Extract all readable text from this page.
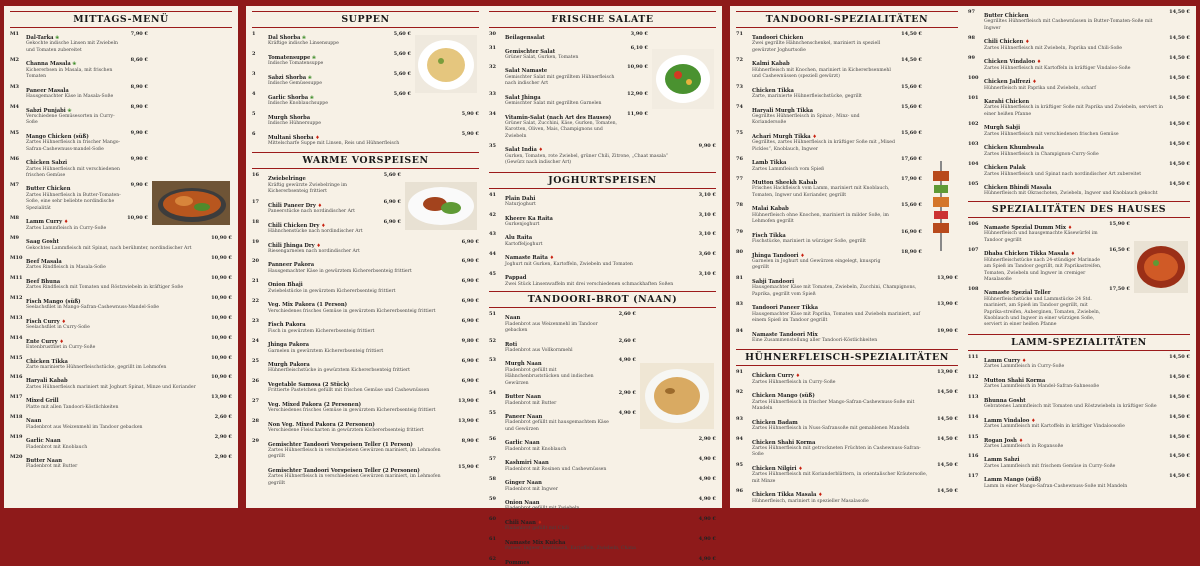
MITTAGS-MENÜ
M1
Dal-Tarka ❀
Gekochte indische Linsen mit Zwiebeln und Tomaten zubereitet
7,90 €
M2
Channa Masala ❀
Kichererbsen in Masala, mit frischen Tomaten
8,60 €
M3
Paneer Masala
Hausgemachter Käse in Masala-Soße
8,90 €
M4
Sabzi Punjabi ❀
Verschiedene Gemüsesorten in Curry-Soße
8,90 €
M5
Mango Chicken (süß)
Zartes Hühnerfleisch in frischer Mango-Safran-Cashewnuss-mandel-Soße
9,90 €
M6
Chicken Sabzi
Zartes Hühnerfleisch mit verschiedenen frischen Gemüse
9,90 €
M7
Butter Chicken
Zartes Hühnerfleisch in Butter-Tomaten-Soße, eine sehr beliebte nordindische Spezialität
9,90 €
M8
Lamm Curry ♦
Zartes Lammfleisch in Curry-Soße
10,90 €
M9
Saag Gosht
Gekochtes Lammfleisch mit Spinat, nach berühmter, nordindischer Art
10,90 €
M10
Beef Masala
Zartes Rindfleisch in Masala-Soße
10,90 €
M11
Beef Bhuna
Zartes Rindfleisch mit Tomaten und Röstzwiebeln in kräftiger Soße
10,90 €
M12
Fisch Mango (süß)
Seelachsfilet in Mango-Safran-Cashewnuss-Mandel-Soße
10,90 €
M13
Fisch Curry ♦
Seelachsfilet in Curry-Soße
10,90 €
M14
Ente Curry ♦
Entenbrustfilet in Curry-Soße
10,90 €
M15
Chicken Tikka
Zarte marinierte Hühnerfleischstücke, gegrillt im Lehmofen
10,90 €
M16
Haryali Kabab
Zartes Hühnerfleisch mariniert mit Joghurt Spinat, Minze und Koriander
10,90 €
M17
Mixed Grill
Platte mit allen Tandoori-Köstlichkeiten
13,90 €
M18
Naan
Fladenbrot aus Weizenmehl im Tandoor gebacken
2,60 €
M19
Garlic Naan
Fladenbrot mit Knoblauch
2,90 €
M20
Butter Naan
Fladenbrot mit Butter
2,90 €
SUPPEN
1
Dal Shorba ❀
Kräftige indische Linsensuppe
5,60 €
2
Tomatensuppe ❀
Indische Tomatensuppe
5,60 €
3
Sabzi Shorba ❀
Indische Gemüsesuppe
5,60 €
4
Garlic Shorba ❀
Indische Knoblauchsuppe
5,60 €
5
Murgh Shorba
Indische Hühnersuppe
5,90 €
6
Multani Shorba ♦
Mittelscharfe Suppe mit Linsen, Reis und Hühnerfleisch
5,90 €
WARME VORSPEISEN
16
Zwiebelringe
Kräftig gewürzte Zwiebelringe im Kichererbsenteig frittiert
5,60 €
17
Chili Paneer Dry ♦
Paneerstücke nach nordindischer Art
6,90 €
18
Chili Chicken Dry ♦
Hähnchenstücke nach nordindischer Art
6,90 €
19
Chili Jhinga Dry ♦
Riesengarnelen nach nordindischer Art
6,90 €
20
Panneer Pakora
Hausgemachter Käse in gewürztem Kichererbsenteig frittiert
6,90 €
21
Onion Bhaji
Zwiebelstücke in gewürztem Kichererbsenteig frittiert
6,90 €
22
Veg. Mix Pakora (1 Person)
Verschiedenes frisches Gemüse in gewürztem Kichererbsenteig frittiert
6,90 €
23
Fisch Pakora
Fisch in gewürztem Kichererbsenteig frittiert
6,90 €
24
Jhinga Pakora
Garnelen in gewürztem Kichererbsenteig frittiert
9,80 €
25
Murgh Pakora
Hühnerfleischstücke in gewürztem Kichererbsenteig frittiert
6,90 €
26
Vegetable Samosa (2 Stück)
Frittierte Pastetchen gefüllt mit frischen Gemüse und Cashewnüssen
6,90 €
27
Veg. Mixed Pakora (2 Personen)
Verschiedenes frisches Gemüse in gewürztem Kichererbsenteig frittiert
13,90 €
28
Non Veg. Mixed Pakora (2 Personen)
Verschiedene Fleischarten in gewürztem Kichererbsenteig frittiert
13,90 €
29
Gemischter Tandoori Vorspeisen Teller (1 Person)
Zartes Hühnerfleisch in verschiedenen Gewürzen mariniert, im Lehmofen gegrillt
8,90 €
Gemischter Tandoori Vorspeisen Teller (2 Personen)
Zartes Hühnerfleisch in verschiedenen Gewürzen mariniert, im Lehmofen gegrillt
15,90 €
FRISCHE SALATE
30
Beilagensalat
3,90 €
31
Gemischter Salat
Grüner Salat, Gurken, Tomaten
6,10 €
32
Salat Namaste
Gemischter Salat mit gegrilltem Hühnerfleisch nach indischer Art
10,90 €
33
Salat Jhinga
Gemischter Salat mit gegrillten Garnelen
12,90 €
34
Vitamin-Salat (nach Art des Hauses)
Grüner Salat, Zucchini, Käse, Gurken, Tomaten, Karotten, Oliven, Mais, Champignons und Zwiebeln
11,90 €
35
Salat India ♦
Gurken, Tomaten, rote Zwiebel, grüner Chili, Zitrone, „Chaat masala“ (Gewürz nach indischer Art)
9,90 €
JOGHURTSPEISEN
41
Plain Dahi
Naturjoghurt
3,10 €
42
Kheere Ka Raita
Gurkenjoghurt
3,10 €
43
Alu Raita
Kartoffeljoghurt
3,10 €
44
Namaste Raita ♦
Joghurt mit Gurken, Kartoffeln, Zwiebeln und Tomaten
3,60 €
45
Pappad
Zwei Stück Linsenwaffeln mit drei verschiedenen schmackhaften Soßen
3,10 €
TANDOORI-BROT (NAAN)
51
Naan
Fladenbrot aus Weizenmehl im Tandoor gebacken
2,60 €
52
Roti
Fladenbrot aus Vollkornmehl
2,60 €
53
Murgh Naan
Fladenbrot gefüllt mit Hähnchenbruststücken und indischen Gewürzen
4,90 €
54
Butter Naan
Fladenbrot mit Butter
2,90 €
55
Paneer Naan
Fladenbrot gefüllt mit hausgemachtem Käse und Gewürzen
4,90 €
56
Garlic Naan
Fladenbrot mit Knoblauch
2,90 €
57
Kashmiri Naan
Fladenbrot mit Rosinen und Cashewnüssen
4,90 €
58
Ginger Naan
Fladenbrot mit Ingwer
4,90 €
59
Onion Naan
Fladenbrot gefüllt mit Zwiebeln
4,90 €
60
Chili Naan ♦
Fladenbrot gefüllt mit Chili
4,90 €
61
Namaste Mix Kulcha
Paneer, Ingwer, Knoblauch, Kartoffeln, Zwiebeln, Chana
4,90 €
62
Pommes
4,90 €
TANDOORI-SPEZIALITÄTEN
71
Tandoori Chicken
Zwei gegrillte Hähnchenschenkel, mariniert in speziell gewürzter Joghurtsoße
14,50 €
72
Kalmi Kabab
Hühnerfleisch mit Knochen, mariniert in Kichererbsenmehl und Cashewnüssen (speziell gewürzt)
14,50 €
73
Chicken Tikka
Zarte, marinierte Hühnerfleischstücke, gegrillt
15,60 €
74
Haryali Murgh Tikka
Gegrilltes Hühnerfleisch in Spinat-, Minz- und Koriandersoße
15,60 €
75
Achari Murgh Tikka ♦
Gegrilltes, zartes Hühnerfleisch in kräftiger Soße mit „Mixed Pickles“, Knoblauch, Ingwer
15,60 €
76
Lamb Tikka
Zartes Lammfleisch vom Spieß
17,60 €
77
Mutton Sheekh Kabab
Frisches Hackfleisch vom Lamm, mariniert mit Knoblauch, Tomaten, Ingwer und Koriander, gegrillt
17,90 €
78
Malai Kabab
Hühnerfleisch ohne Knochen, mariniert in milder Soße, im Lehmofen gegrillt
15,60 €
79
Fisch Tikka
Fischstücke, mariniert in würziger Soße, gegrillt
16,90 €
80
Jhinga Tandoori ♦
Garnelen in Joghurt und Gewürzen eingelegt, knusprig gegrillt
18,90 €
81
Sabji Tandoori
Hausgemachter Käse mit Tomaten, Zwiebeln, Zucchini, Champignons, Paprika, gegrillt vom Spieß
13,90 €
83
Tandoori Paneer Tikka
Hausgemachter Käse mit Paprika, Tomaten und Zwiebeln mariniert, auf einem Spieß im Tandoor gegrillt
13,90 €
84
Namaste Tandoori Mix
Eine Zusammenstellung aller Tandoori-Köstlichkeiten
19,90 €
HÜHNERFLEISCH-SPEZIALITÄTEN
91
Chicken Curry ♦
Zartes Hühnerfleisch in Curry-Soße
13,90 €
92
Chicken Mango (süß)
Zartes Hühnerfleisch in frischer Mango-Safran-Cashewnuss-Soße mit Mandeln
14,50 €
93
Chicken Badam
Zartes Hühnerfleisch in Nuss-Safransoße mit gemahlenen Mandeln
14,50 €
94
Chicken Shahi Korma
Zartes Hühnerfleisch mit getrockneten Früchten in Cashewnuss-Safran-Soße
14,50 €
95
Chicken Nilgiri ♦
Zartes Hühnerfleisch mit Korianderblättern, in orientalischer Kräutersoße, mit Minze
14,50 €
96
Chicken Tikka Masala ♦
Hühnerfleisch, mariniert in spezieller Masalasoße
14,50 €
97
Butter Chicken
Gegrilltes Hühnerfleisch mit Cashewnüssen in Butter-Tomaten-Soße mit Ingwer
14,50 €
98
Chili Chicken ♦
Zartes Hühnerfleisch mit Zwiebeln, Paprika und Chili-Soße
14,50 €
99
Chicken Vindaloo ♦
Zartes Hühnerfleisch mit Kartoffeln in kräftiger Vindaloo-Soße
14,50 €
100
Chicken Jalfrezi ♦
Hühnerfleisch mit Paprika und Zwiebeln, scharf
14,50 €
101
Karahi Chicken
Zartes Hühnerfleisch in kräftiger Soße mit Paprika und Zwiebeln, serviert in einer heißen Pfanne
14,50 €
102
Murgh Sabji
Zartes Hühnerfleisch mit verschiedenen frischen Gemüse
14,50 €
103
Chicken Khumbwala
Zartes Hühnerfleisch in Champignon-Curry-Soße
14,50 €
104
Chicken Palak
Zartes Hühnerfleisch und Spinat nach nordindischer Art zubereitet
14,50 €
105
Chicken Bhindi Masala
Hühnerfleisch mit Okraschoten, Zwiebeln, Ingwer und Knoblauch gekocht
14,50 €
SPEZIALITÄTEN DES HAUSES
106
Namaste Spezial Dumm Mix ♦
Hühnerfleisch und hausgemachte Käsewürfel im Tandoor gegrillt
15,90 €
107
Dhaba Chicken Tikka Masala ♦
Hühnerfleischstücke nach 24-stündiger Marinade am Spieß im Tandoor gegrillt, mit Paprikastreifen, Tomaten, Zwiebeln und Ingwer in cremiger Masalasoße
16,50 €
108
Namaste Spezial Teller
Hühnerfleischstücke und Lammstücke 24 Std. mariniert, am Spieß im Tandoor gegrillt, mit Paprika-streifen, Auberginen, Tomaten, Zwiebeln, Knoblauch und Ingwer in einer würzigen Soße, serviert in einer heißen Pfanne
17,50 €
LAMM-SPEZIALITÄTEN
111
Lamm Curry ♦
Zartes Lammfleisch in Curry-Soße
14,50 €
112
Mutton Shahi Korma
Zartes Lammfleisch in Mandel-Safran-Sahnesoße
14,50 €
113
Bhunna Gosht
Gebratenes Lammfleisch mit Tomaten und Röstzwiebeln in kräftiger Soße
14,50 €
114
Lamm Vindaloo ♦
Zartes Lammfleisch mit Kartoffeln in kräftiger Vindaloosoße
14,50 €
115
Rogan Josh ♦
Zartes Lammfleisch in Rogansoße
14,50 €
116
Lamm Sabzi
Zartes Lammfleisch mit frischem Gemüse in Curry-Soße
14,50 €
117
Lamm Mango (süß)
Lamm in einer Mango-Safran-Cashewnuss-Soße mit Mandeln
14,50 €
